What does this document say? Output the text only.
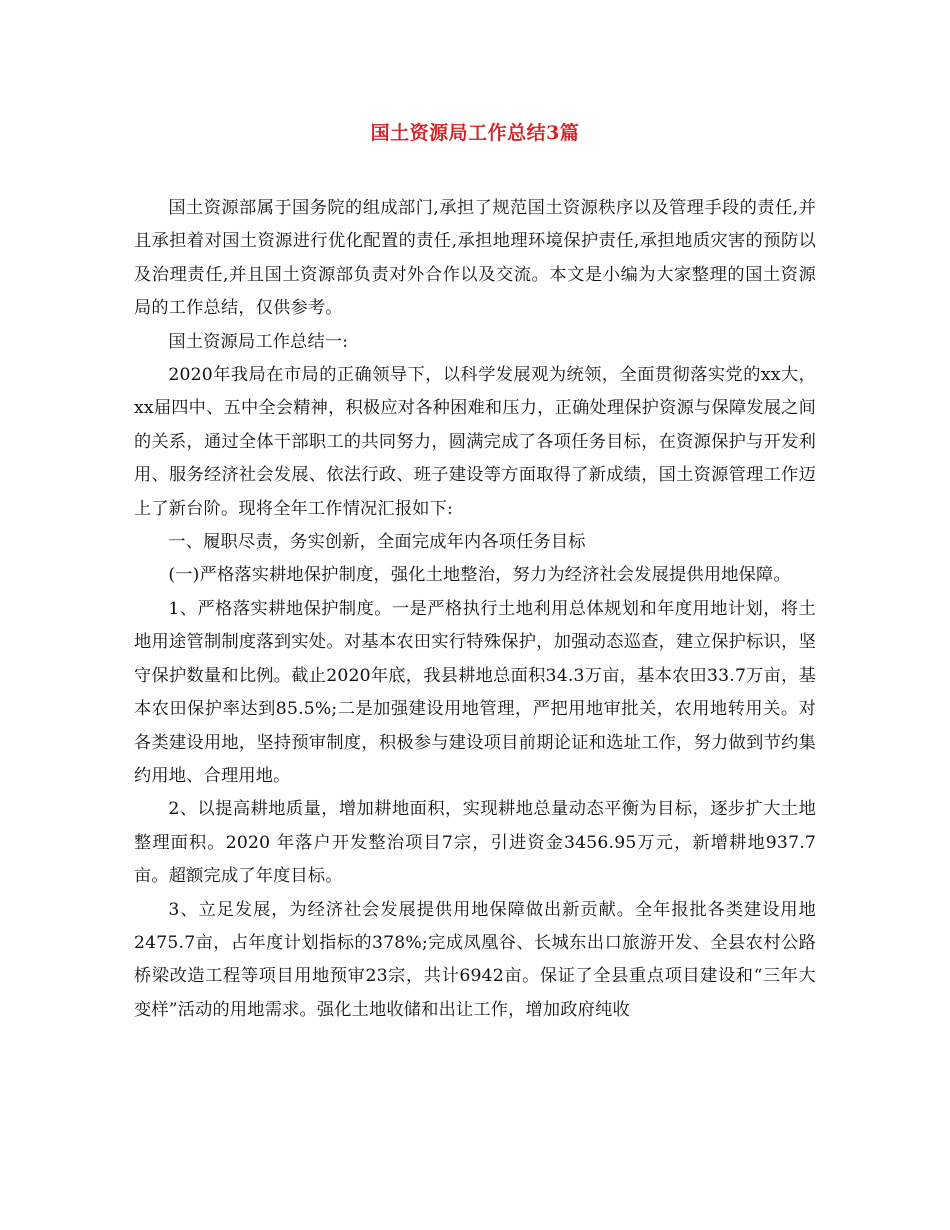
国土资源局工作总结3篇

国土资源部属于国务院的组成部门,承担了规范国土资源秩序以及管理手段的责任,并且承担着对国土资源进行优化配置的责任,承担地理环境保护责任,承担地质灾害的预防以及治理责任,并且国土资源部负责对外合作以及交流。本文是小编为大家整理的国土资源局的工作总结，仅供参考。

国土资源局工作总结一:

2020年我局在市局的正确领导下，以科学发展观为统领，全面贯彻落实党的xx大，xx届四中、五中全会精神，积极应对各种困难和压力，正确处理保护资源与保障发展之间的关系，通过全体干部职工的共同努力，圆满完成了各项任务目标，在资源保护与开发利用、服务经济社会发展、依法行政、班子建设等方面取得了新成绩，国土资源管理工作迈上了新台阶。现将全年工作情况汇报如下:

一、履职尽责，务实创新，全面完成年内各项任务目标

(一)严格落实耕地保护制度，强化土地整治，努力为经济社会发展提供用地保障。

1、严格落实耕地保护制度。一是严格执行土地利用总体规划和年度用地计划，将土地用途管制制度落到实处。对基本农田实行特殊保护，加强动态巡查，建立保护标识，坚守保护数量和比例。截止2020年底，我县耕地总面积34.3万亩，基本农田33.7万亩，基本农田保护率达到85.5%;二是加强建设用地管理，严把用地审批关，农用地转用关。对各类建设用地，坚持预审制度，积极参与建设项目前期论证和选址工作，努力做到节约集约用地、合理用地。

2、以提高耕地质量，增加耕地面积，实现耕地总量动态平衡为目标，逐步扩大土地整理面积。2020 年落户开发整治项目7宗，引进资金3456.95万元，新增耕地937.7亩。超额完成了年度目标。

3、立足发展，为经济社会发展提供用地保障做出新贡献。全年报批各类建设用地2475.7亩，占年度计划指标的378%;完成凤凰谷、长城东出口旅游开发、全县农村公路桥梁改造工程等项目用地预审23宗，共计6942亩。保证了全县重点项目建设和“三年大变样”活动的用地需求。强化土地收储和出让工作，增加政府纯收
